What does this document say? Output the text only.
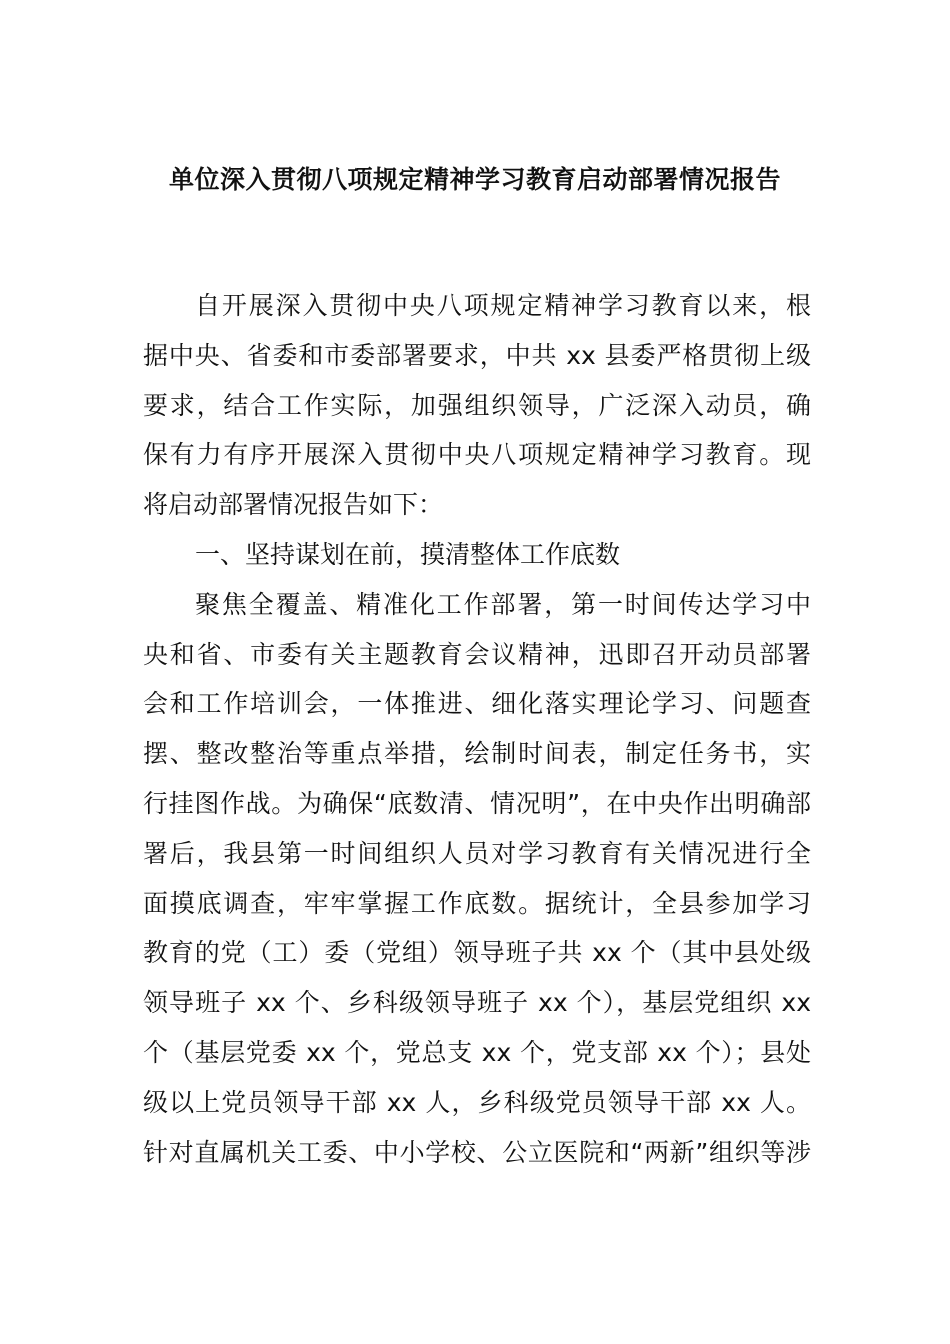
单位深入贯彻八项规定精神学习教育启动部署情况报告
自开展深入贯彻中央八项规定精神学习教育以来，根
据中央、省委和市委部署要求，中共 xx 县委严格贯彻上级
要求，结合工作实际，加强组织领导，广泛深入动员，确
保有力有序开展深入贯彻中央八项规定精神学习教育。现
将启动部署情况报告如下：
一、坚持谋划在前，摸清整体工作底数
聚焦全覆盖、精准化工作部署，第一时间传达学习中
央和省、市委有关主题教育会议精神，迅即召开动员部署
会和工作培训会，一体推进、细化落实理论学习、问题查
摆、整改整治等重点举措，绘制时间表，制定任务书，实
行挂图作战。为确保“底数清、情况明”，在中央作出明确部
署后，我县第一时间组织人员对学习教育有关情况进行全
面摸底调查，牢牢掌握工作底数。据统计，全县参加学习
教育的党（工）委（党组）领导班子共 xx 个（其中县处级
领导班子 xx 个、乡科级领导班子 xx 个），基层党组织 xx
个（基层党委 xx 个，党总支 xx 个，党支部 xx 个）；县处
级以上党员领导干部 xx 人，乡科级党员领导干部 xx 人。
针对直属机关工委、中小学校、公立医院和“两新”组织等涉
